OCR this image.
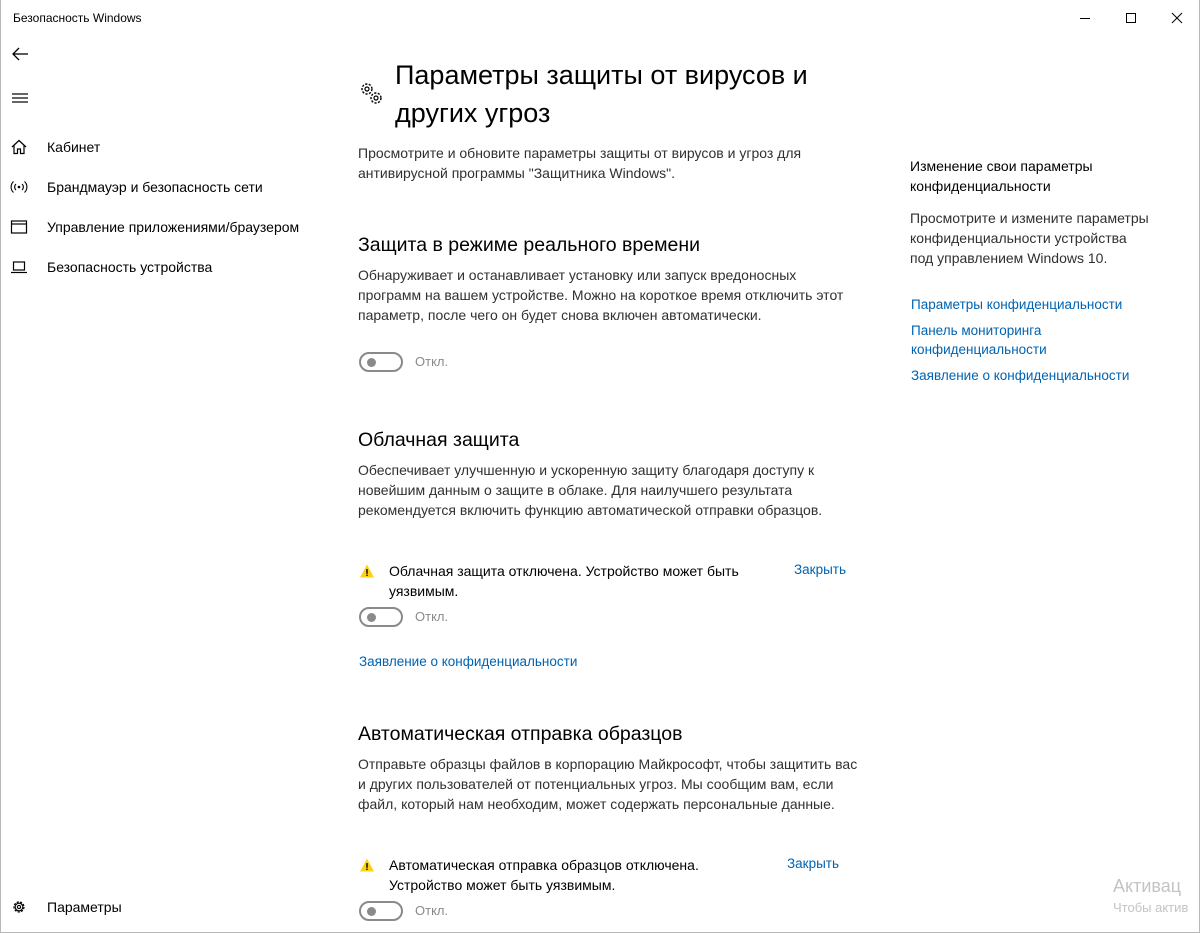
Безопасность Windows
Кабинет
Брандмауэр и безопасность сети
Управление приложениями/браузером
Безопасность устройства
Параметры
Параметры защиты от вирусов и других угроз
Просмотрите и обновите параметры защиты от вирусов и угроз для антивирусной программы "Защитника Windows".
Защита в режиме реального времени
Обнаруживает и останавливает установку или запуск вредоносных программ на вашем устройстве. Можно на короткое время отключить этот параметр, после чего он будет снова включен автоматически.
Откл.
Облачная защита
Обеспечивает улучшенную и ускоренную защиту благодаря доступу к новейшим данным о защите в облаке. Для наилучшего результата рекомендуется включить функцию автоматической отправки образцов.
Облачная защита отключена. Устройство может быть уязвимым.
Закрыть
Откл.
Заявление о конфиденциальности
Автоматическая отправка образцов
Отправьте образцы файлов в корпорацию Майкрософт, чтобы защитить вас и других пользователей от потенциальных угроз. Мы сообщим вам, если файл, который нам необходим, может содержать персональные данные.
Автоматическая отправка образцов отключена. Устройство может быть уязвимым.
Закрыть
Откл.
Изменение свои параметры конфиденциальности
Просмотрите и измените параметры конфиденциальности устройства под управлением Windows 10.
Параметры конфиденциальности
Панель мониторинга конфиденциальности
Заявление о конфиденциальности
Активац
Чтобы актив
